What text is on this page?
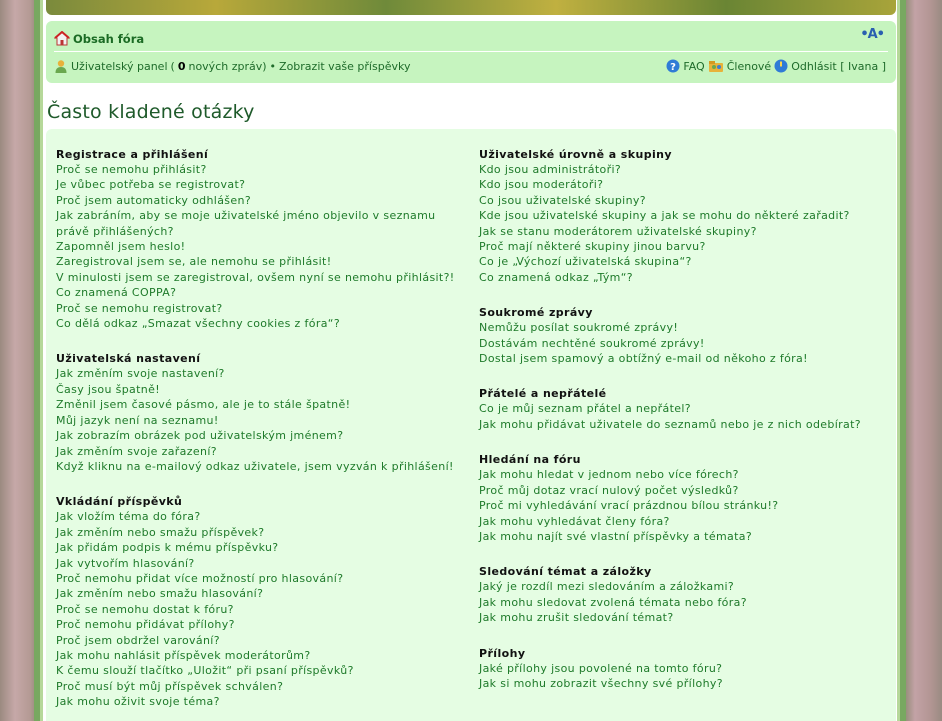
Obsah fóra	•A•
Uživatelský panel ( 0 nových zpráv) • Zobrazit vaše příspěvky	? FAQ Členové Odhlásit [ Ivana ]
Často kladené otázky
Registrace a přihlášení
Proč se nemohu přihlásit?
Je vůbec potřeba se registrovat?
Proč jsem automaticky odhlášen?
Jak zabráním, aby se moje uživatelské jméno objevilo v seznamu právě přihlášených?
Zapomněl jsem heslo!
Zaregistroval jsem se, ale nemohu se přihlásit!
V minulosti jsem se zaregistroval, ovšem nyní se nemohu přihlásit?!
Co znamená COPPA?
Proč se nemohu registrovat?
Co dělá odkaz „Smazat všechny cookies z fóra“?
Uživatelská nastavení
Jak změním svoje nastavení?
Časy jsou špatně!
Změnil jsem časové pásmo, ale je to stále špatně!
Můj jazyk není na seznamu!
Jak zobrazím obrázek pod uživatelským jménem?
Jak změním svoje zařazení?
Když kliknu na e-mailový odkaz uživatele, jsem vyzván k přihlášení!
Vkládání příspěvků
Jak vložím téma do fóra?
Jak změním nebo smažu příspěvek?
Jak přidám podpis k mému příspěvku?
Jak vytvořím hlasování?
Proč nemohu přidat více možností pro hlasování?
Jak změním nebo smažu hlasování?
Proč se nemohu dostat k fóru?
Proč nemohu přidávat přílohy?
Proč jsem obdržel varování?
Jak mohu nahlásit příspěvek moderátorům?
K čemu slouží tlačítko „Uložit“ při psaní příspěvků?
Proč musí být můj příspěvek schválen?
Jak mohu oživit svoje téma?
Uživatelské úrovně a skupiny
Kdo jsou administrátoři?
Kdo jsou moderátoři?
Co jsou uživatelské skupiny?
Kde jsou uživatelské skupiny a jak se mohu do některé zařadit?
Jak se stanu moderátorem uživatelské skupiny?
Proč mají některé skupiny jinou barvu?
Co je „Výchozí uživatelská skupina“?
Co znamená odkaz „Tým“?
Soukromé zprávy
Nemůžu posílat soukromé zprávy!
Dostávám nechtěné soukromé zprávy!
Dostal jsem spamový a obtížný e-mail od někoho z fóra!
Přátelé a nepřátelé
Co je můj seznam přátel a nepřátel?
Jak mohu přidávat uživatele do seznamů nebo je z nich odebírat?
Hledání na fóru
Jak mohu hledat v jednom nebo více fórech?
Proč můj dotaz vrací nulový počet výsledků?
Proč mi vyhledávání vrací prázdnou bílou stránku!?
Jak mohu vyhledávat členy fóra?
Jak mohu najít své vlastní příspěvky a témata?
Sledování témat a záložky
Jaký je rozdíl mezi sledováním a záložkami?
Jak mohu sledovat zvolená témata nebo fóra?
Jak mohu zrušit sledování témat?
Přílohy
Jaké přílohy jsou povolené na tomto fóru?
Jak si mohu zobrazit všechny své přílohy?
